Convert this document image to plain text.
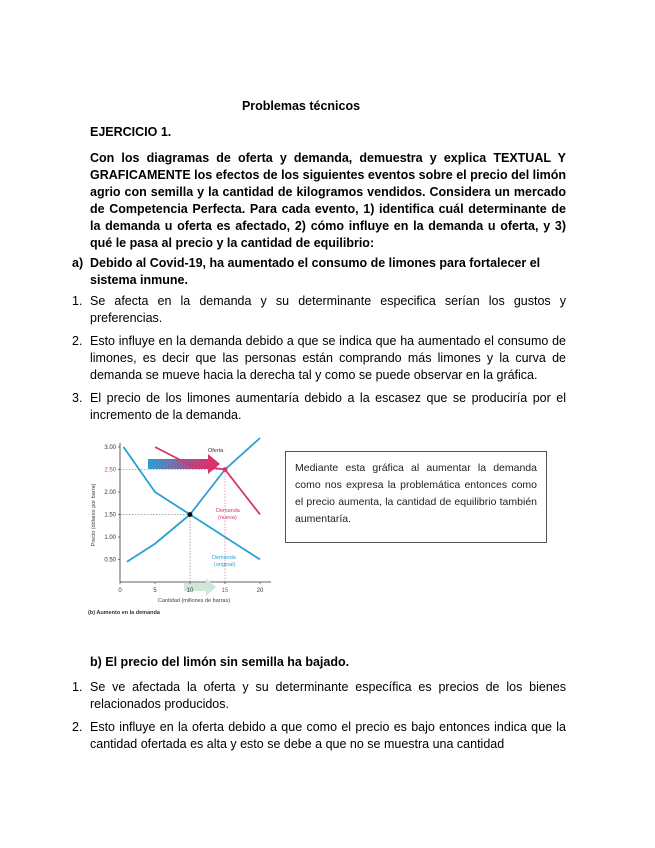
Problemas técnicos
EJERCICIO 1.
Con los diagramas de oferta y demanda, demuestra y explica TEXTUAL Y GRAFICAMENTE los efectos de los siguientes eventos sobre el precio del limón agrio con semilla y la cantidad de kilogramos vendidos. Considera un mercado de Competencia Perfecta. Para cada evento, 1) identifica cuál determinante de la demanda u oferta es afectado, 2) cómo influye en la demanda u oferta, y 3) qué le pasa al precio y la cantidad de equilibrio:
a) Debido al Covid-19, ha aumentado el consumo de limones para fortalecer el sistema inmune.
1. Se afecta en la demanda y su determinante especifica serían los gustos y preferencias.
2. Esto influye en la demanda debido a que se indica que ha aumentado el consumo de limones, es decir que las personas están comprando más limones y la curva de demanda se mueve hacia la derecha tal y como se puede observar en la gráfica.
3. El precio de los limones aumentaría debido a la escasez que se produciría por el incremento de la demanda.
Precio (dólares por barra)
Cantidad (millones de barras)
(b) Aumento en la demanda
0.50
1.00
1.50
2.00
2.50
3.00
0	5	10	15	20
Oferta
Demanda
(nueva)
Demanda
(original)
Mediante esta gráfica al aumentar la demanda como nos expresa la problemática entonces como el precio aumenta, la cantidad de equilibrio también aumentaría.
b) El precio del limón sin semilla ha bajado.
1. Se ve afectada la oferta y su determinante específica es precios de los bienes relacionados producidos.
2. Esto influye en la oferta debido a que como el precio es bajo entonces indica que la cantidad ofertada es alta y esto se debe a que no se muestra una cantidad
